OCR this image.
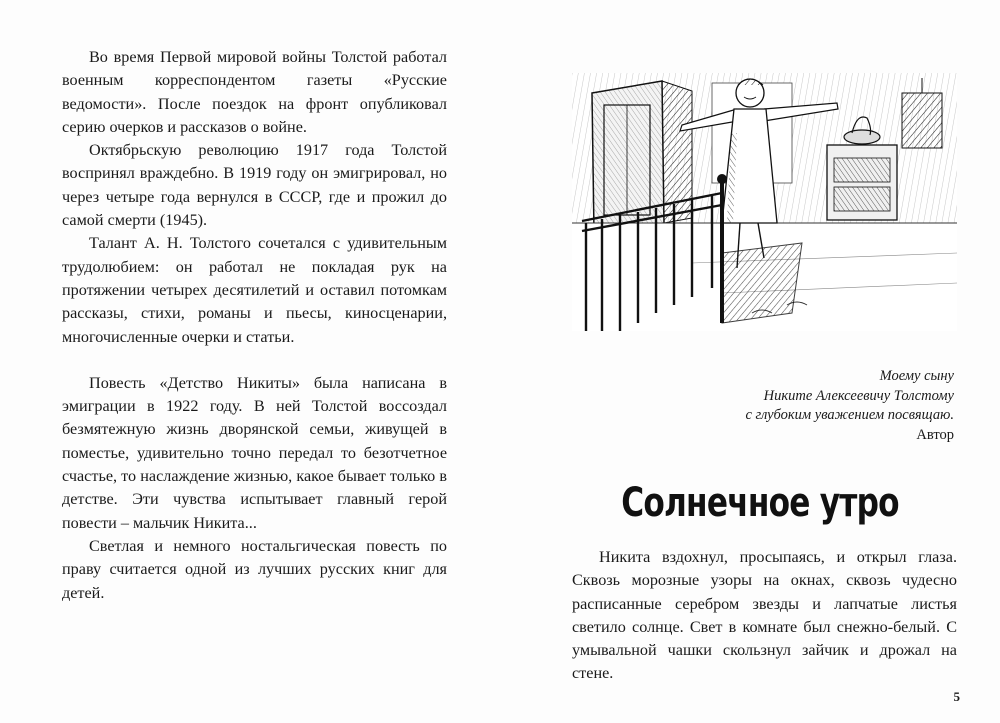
Во время Первой мировой войны Толстой работал военным корреспондентом газеты «Русские ведомости». После поездок на фронт опубликовал серию очерков и рассказов о войне.

Октябрьскую революцию 1917 года Толстой воспринял враждебно. В 1919 году он эмигрировал, но через четыре года вернулся в СССР, где и прожил до самой смерти (1945).

Талант А. Н. Толстого сочетался с удивительным трудолюбием: он работал не покладая рук на протяжении четырех десятилетий и оставил потомкам рассказы, стихи, романы и пьесы, киносценарии, многочисленные очерки и статьи.

Повесть «Детство Никиты» была написана в эмиграции в 1922 году. В ней Толстой воссоздал безмятежную жизнь дворянской семьи, живущей в поместье, удивительно точно передал то безотчетное счастье, то наслаждение жизнью, какое бывает только в детстве. Эти чувства испытывает главный герой повести – мальчик Никита...

Светлая и немного ностальгическая повесть по праву считается одной из лучших русских книг для детей.

Моему сыну
Никите Алексеевичу Толстому
с глубоким уважением посвящаю.
Автор
Солнечное утро

Никита вздохнул, просыпаясь, и открыл глаза. Сквозь морозные узоры на окнах, сквозь чудесно расписанные серебром звезды и лапчатые листья светило солнце. Свет в комнате был снежно-белый. С умывальной чашки скользнул зайчик и дрожал на стене.

5
